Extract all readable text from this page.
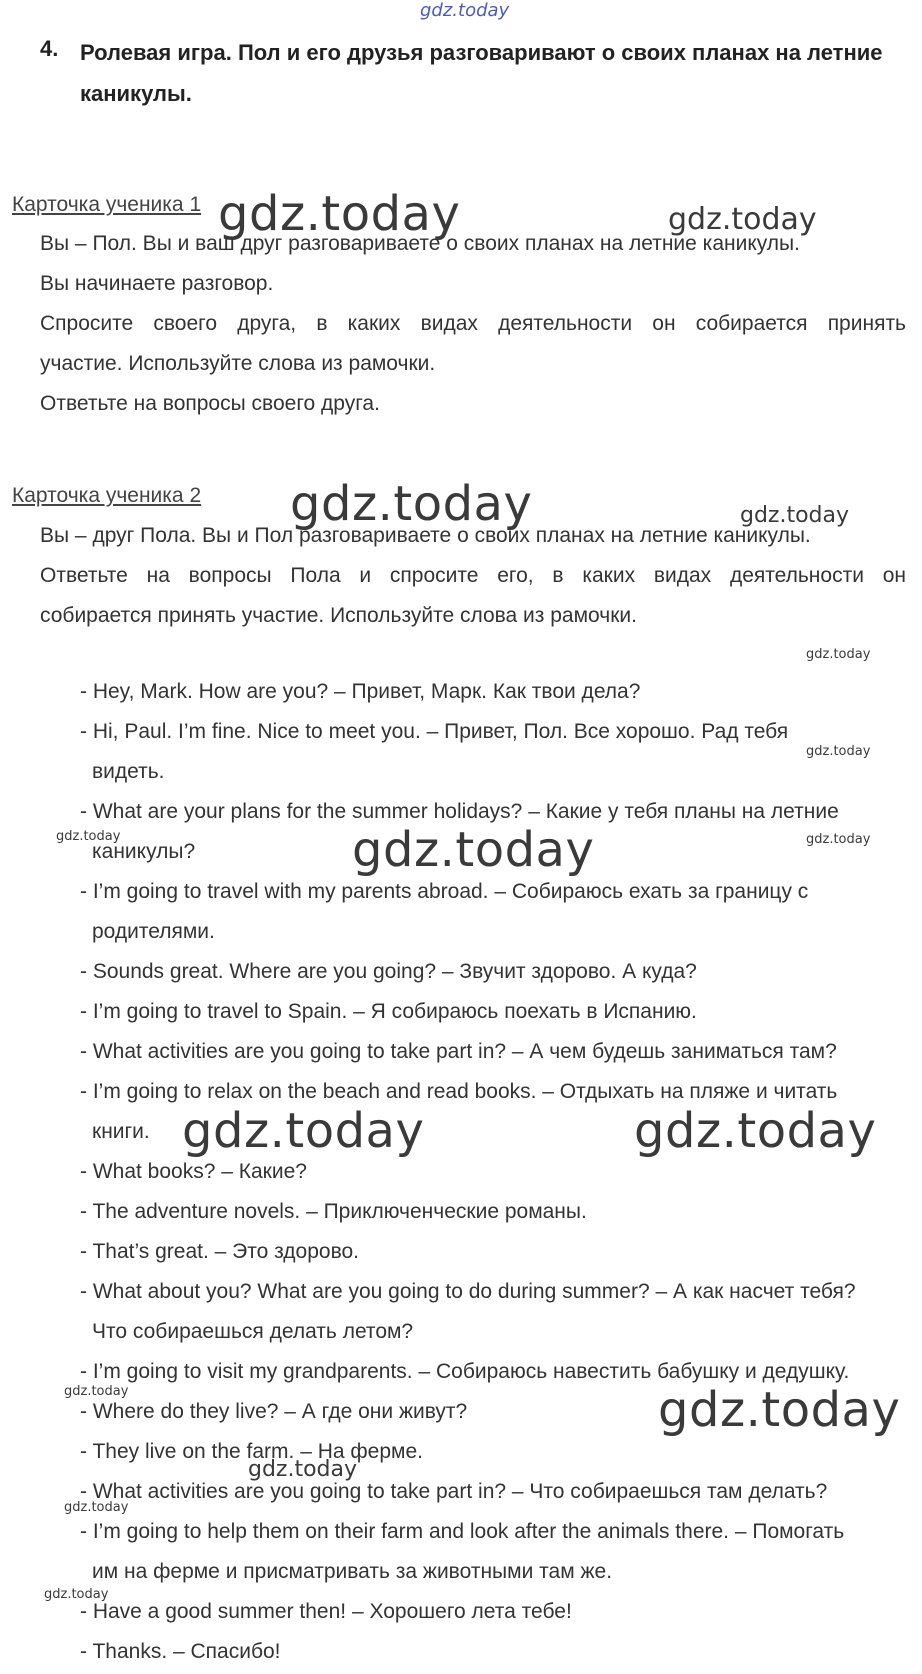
gdz.today
gdz.today	gdz.today
gdz.today	gdz.today
gdz.today
gdz.today
gdz.today	gdz.today
gdz.today
gdz.today	gdz.today
gdz.today	gdz.today
gdz.today
gdz.today
gdz.today
4. Ролевая игра. Пол и его друзья разговаривают о своих планах на летние каникулы.
Карточка ученика 1
Вы – Пол. Вы и ваш друг разговариваете о своих планах на летние каникулы.
Вы начинаете разговор.
Спросите своего друга, в каких видах деятельности он собирается принять
участие. Используйте слова из рамочки.
Ответьте на вопросы своего друга.
Карточка ученика 2
Вы – друг Пола. Вы и Пол разговариваете о своих планах на летние каникулы.
Ответьте на вопросы Пола и спросите его, в каких видах деятельности он
собирается принять участие. Используйте слова из рамочки.
- Hey, Mark. How are you? – Привет, Марк. Как твои дела?
- Hi, Paul. I’m fine. Nice to meet you. – Привет, Пол. Все хорошо. Рад тебя
видеть.
- What are your plans for the summer holidays? – Какие у тебя планы на летние
каникулы?
- I’m going to travel with my parents abroad. – Собираюсь ехать за границу с
родителями.
- Sounds great. Where are you going? – Звучит здорово. А куда?
- I’m going to travel to Spain. – Я собираюсь поехать в Испанию.
- What activities are you going to take part in? – А чем будешь заниматься там?
- I’m going to relax on the beach and read books. – Отдыхать на пляже и читать
книги.
- What books? – Какие?
- The adventure novels. – Приключенческие романы.
- That’s great. – Это здорово.
- What about you? What are you going to do during summer? – А как насчет тебя?
Что собираешься делать летом?
- I’m going to visit my grandparents. – Собираюсь навестить бабушку и дедушку.
- Where do they live? – А где они живут?
- They live on the farm. – На ферме.
- What activities are you going to take part in? – Что собираешься там делать?
- I’m going to help them on their farm and look after the animals there. – Помогать
им на ферме и присматривать за животными там же.
- Have a good summer then! – Хорошего лета тебе!
- Thanks. – Спасибо!
